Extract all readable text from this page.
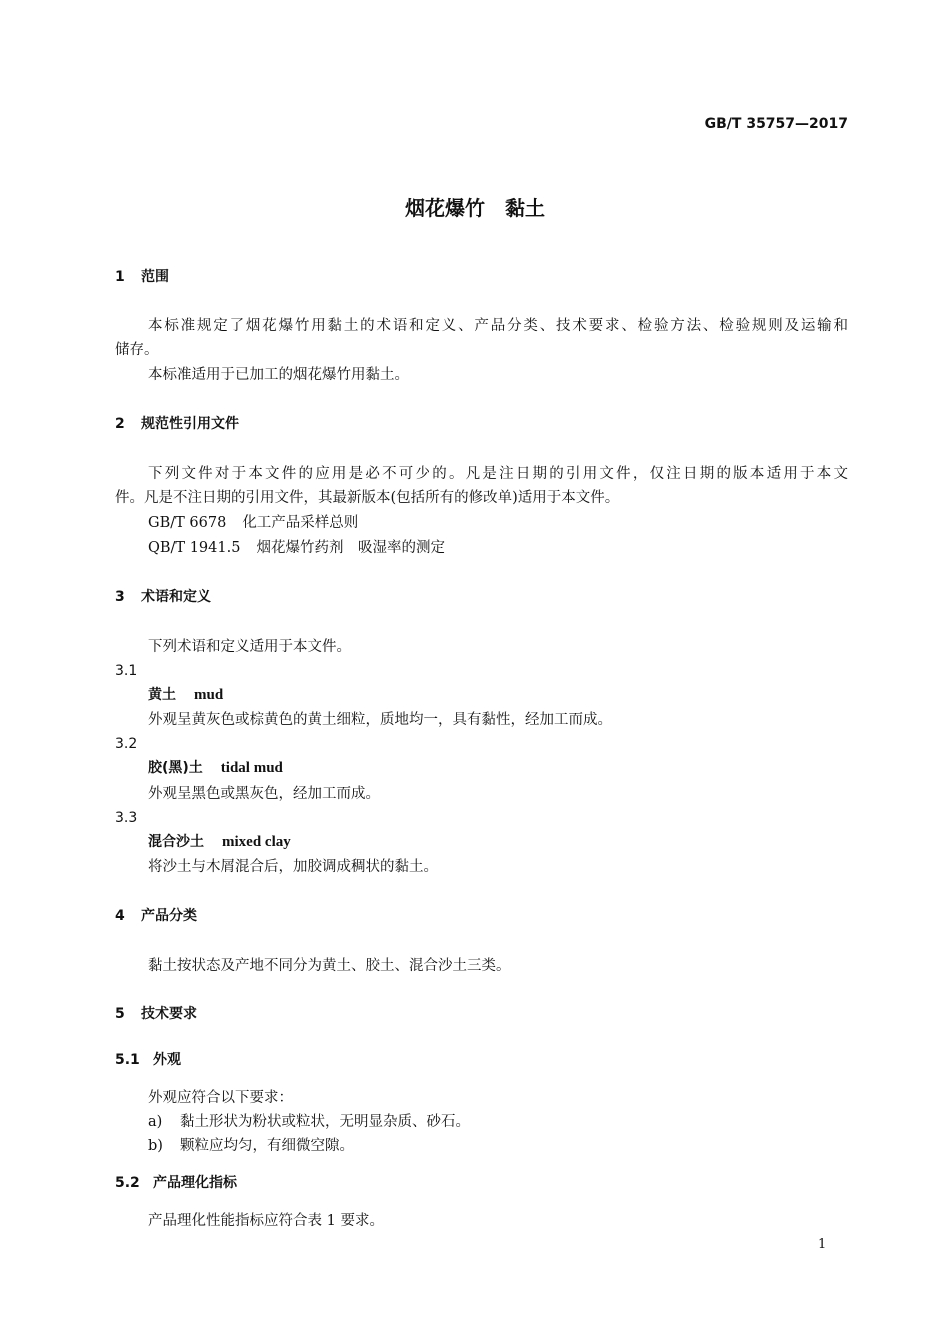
GB/T 35757—2017
烟花爆竹　黏土
1 范围
本标准规定了烟花爆竹用黏土的术语和定义、产品分类、技术要求、检验方法、检验规则及运输和
储存。
本标准适用于已加工的烟花爆竹用黏土。
2 规范性引用文件
下列文件对于本文件的应用是必不可少的。凡是注日期的引用文件，仅注日期的版本适用于本文
件。凡是不注日期的引用文件，其最新版本(包括所有的修改单)适用于本文件。
GB/T 6678 化工产品采样总则
QB/T 1941.5 烟花爆竹药剂　吸湿率的测定
3 术语和定义
下列术语和定义适用于本文件。
3.1
黄土 mud
外观呈黄灰色或棕黄色的黄土细粒，质地均一，具有黏性，经加工而成。
3.2
胶(黑)土 tidal mud
外观呈黑色或黑灰色，经加工而成。
3.3
混合沙土 mixed clay
将沙土与木屑混合后，加胶调成稠状的黏土。
4 产品分类
黏土按状态及产地不同分为黄土、胶土、混合沙土三类。
5 技术要求
5.1 外观
外观应符合以下要求：
a) 黏土形状为粉状或粒状，无明显杂质、砂石。
b) 颗粒应均匀，有细微空隙。
5.2 产品理化指标
产品理化性能指标应符合表 1 要求。
1
